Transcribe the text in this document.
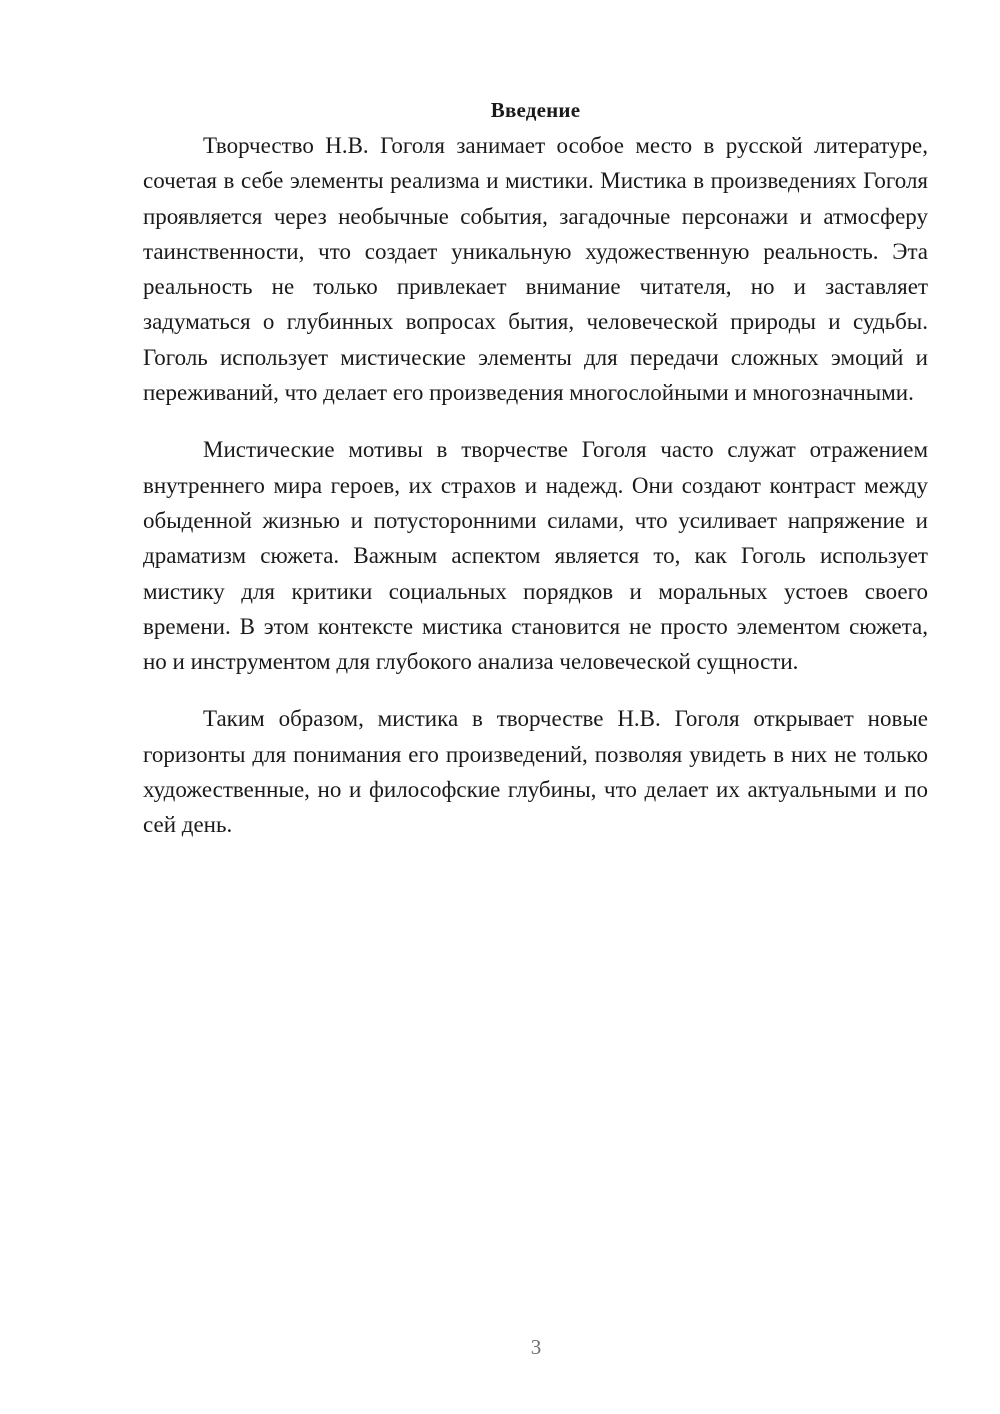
Введение

Творчество Н.В. Гоголя занимает особое место в русской литературе, сочетая в себе элементы реализма и мистики. Мистика в произведениях Гоголя проявляется через необычные события, загадочные персонажи и атмосферу таинственности, что создает уникальную художественную реальность. Эта реальность не только привлекает внимание читателя, но и заставляет задуматься о глубинных вопросах бытия, человеческой природы и судьбы. Гоголь использует мистические элементы для передачи сложных эмоций и переживаний, что делает его произведения многослойными и многозначными.

Мистические мотивы в творчестве Гоголя часто служат отражением внутреннего мира героев, их страхов и надежд. Они создают контраст между обыденной жизнью и потусторонними силами, что усиливает напряжение и драматизм сюжета. Важным аспектом является то, как Гоголь использует мистику для критики социальных порядков и моральных устоев своего времени. В этом контексте мистика становится не просто элементом сюжета, но и инструментом для глубокого анализа человеческой сущности.

Таким образом, мистика в творчестве Н.В. Гоголя открывает новые горизонты для понимания его произведений, позволяя увидеть в них не только художественные, но и философские глубины, что делает их актуальными и по сей день.

3
